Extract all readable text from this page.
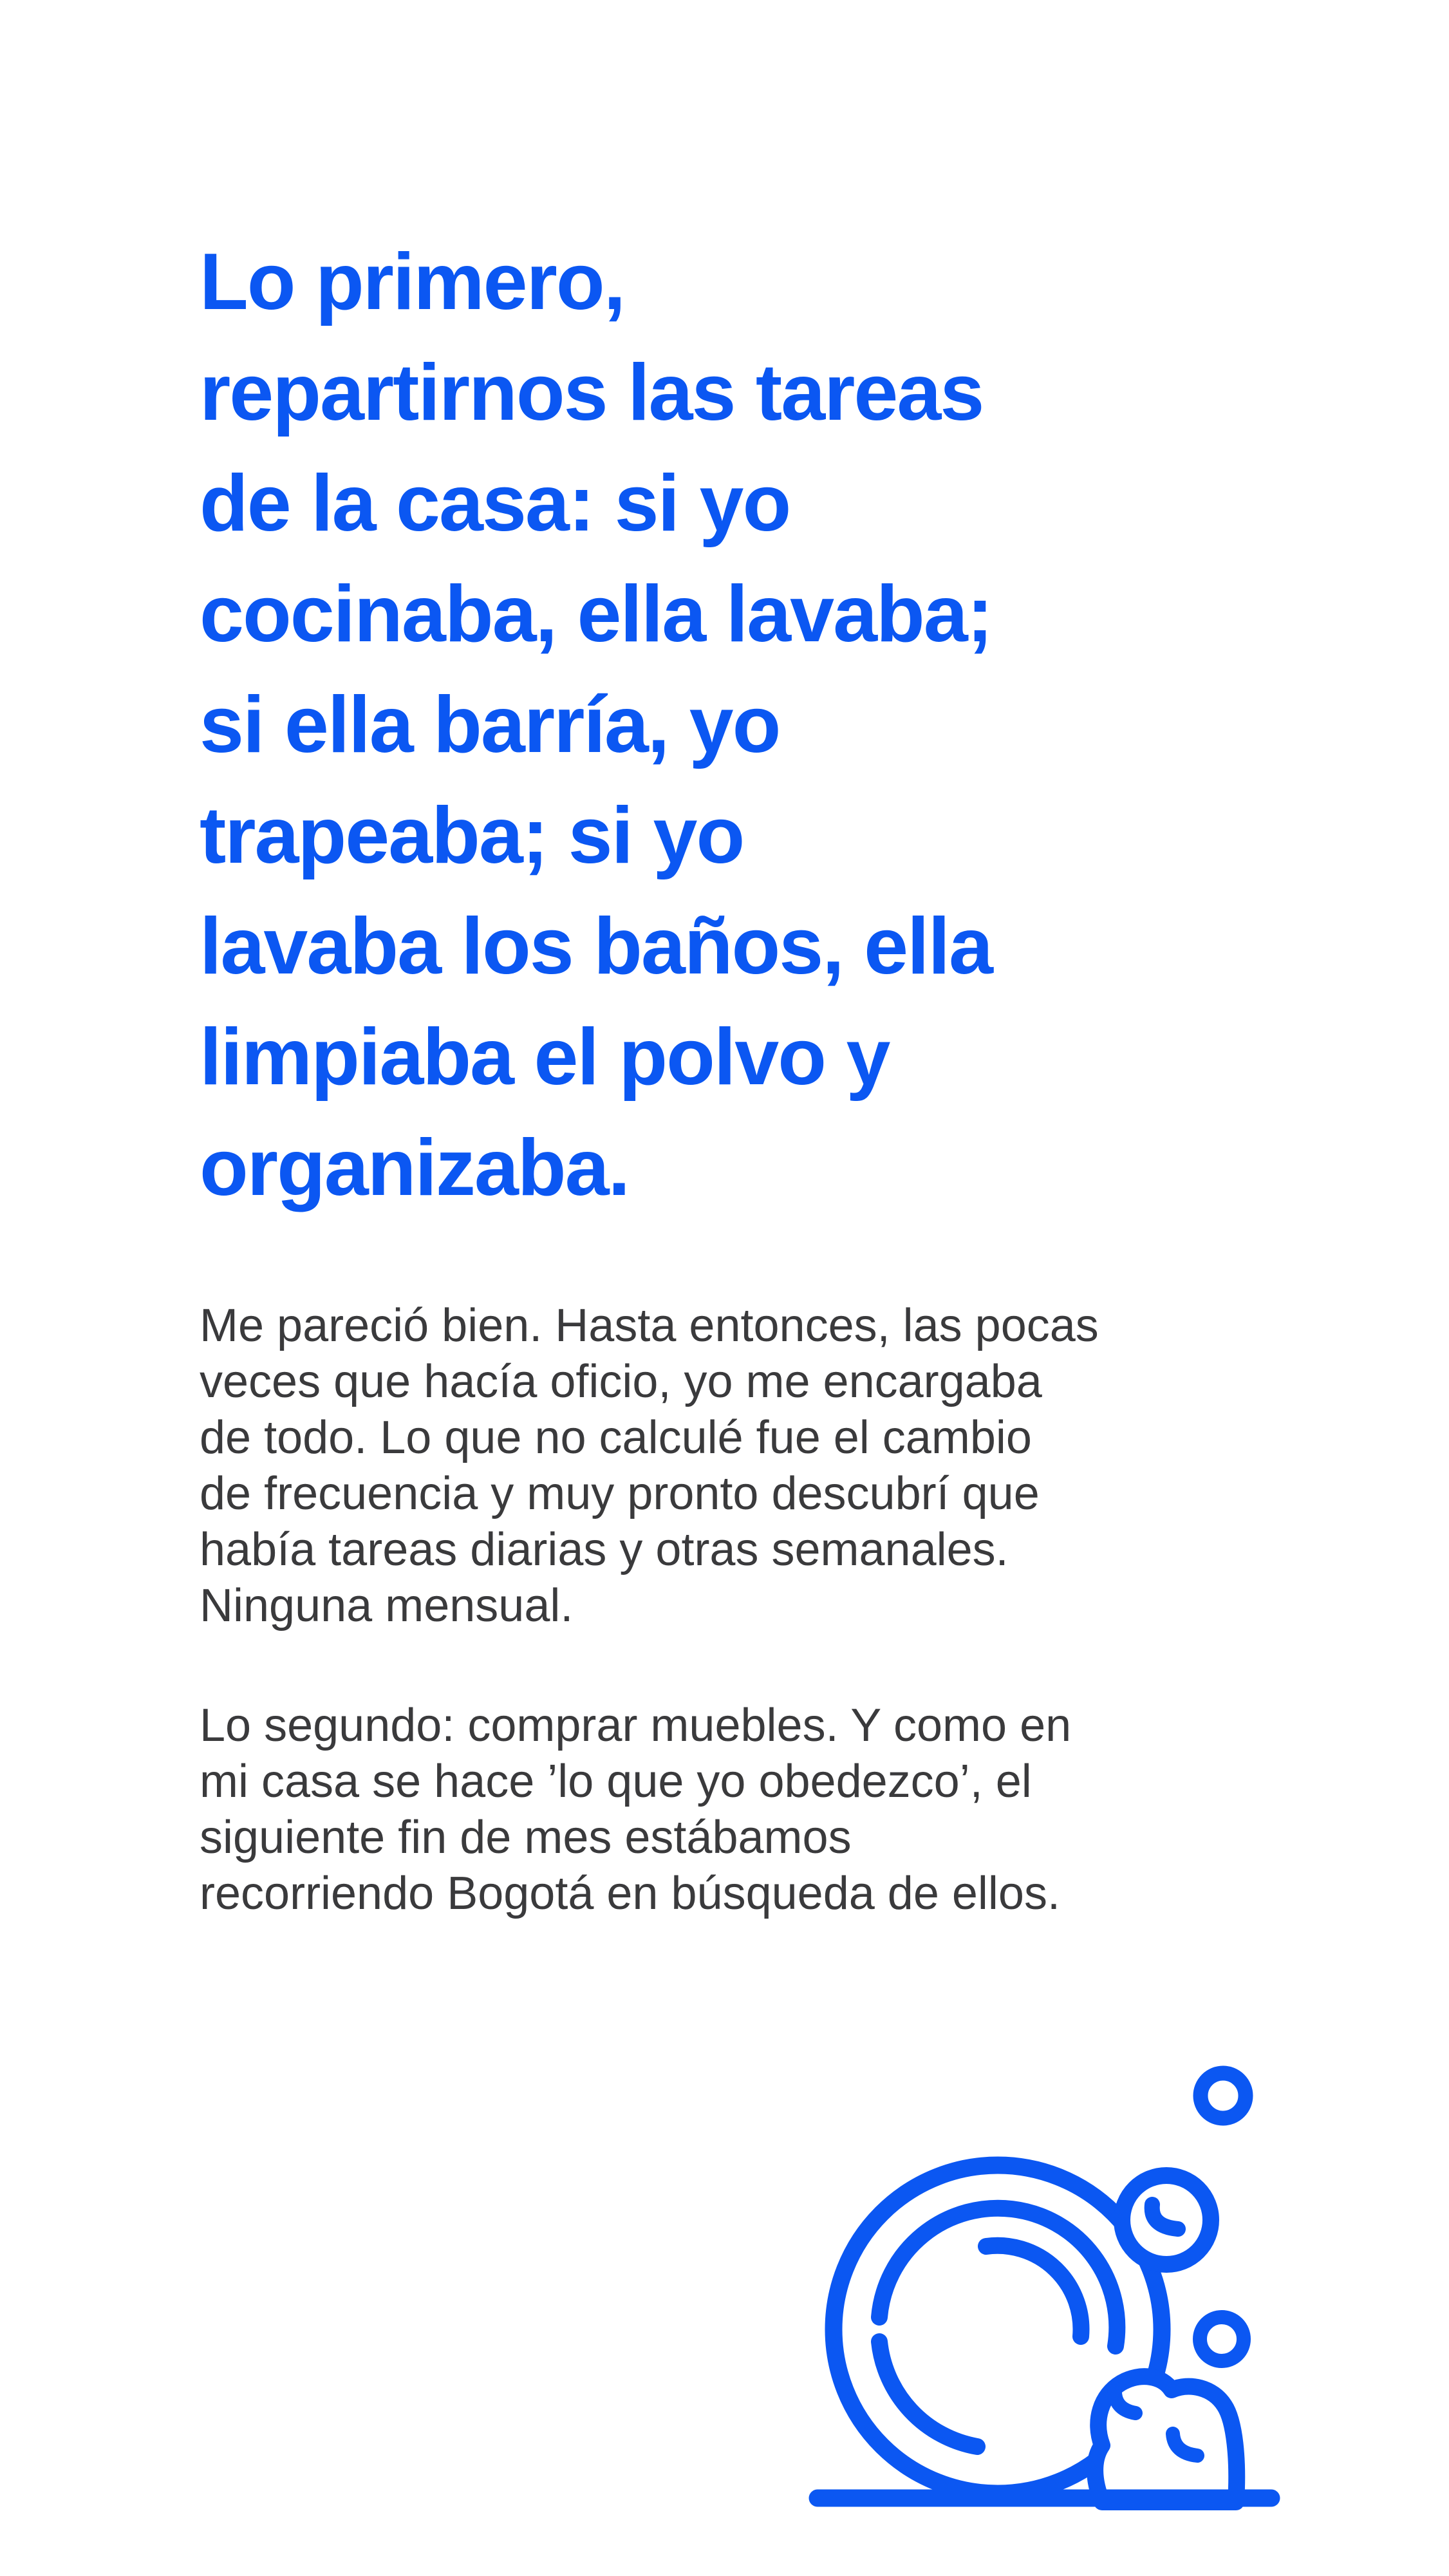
Lo primero,
repartirnos las tareas
de la casa: si yo
cocinaba, ella lavaba;
si ella barría, yo
trapeaba; si yo
lavaba los baños, ella
limpiaba el polvo y
organizaba.

Me pareció bien. Hasta entonces, las pocas
veces que hacía oficio, yo me encargaba
de todo. Lo que no calculé fue el cambio
de frecuencia y muy pronto descubrí que
había tareas diarias y otras semanales.
Ninguna mensual.

Lo segundo: comprar muebles. Y como en
mi casa se hace ’lo que yo obedezco’, el
siguiente fin de mes estábamos
recorriendo Bogotá en búsqueda de ellos.
